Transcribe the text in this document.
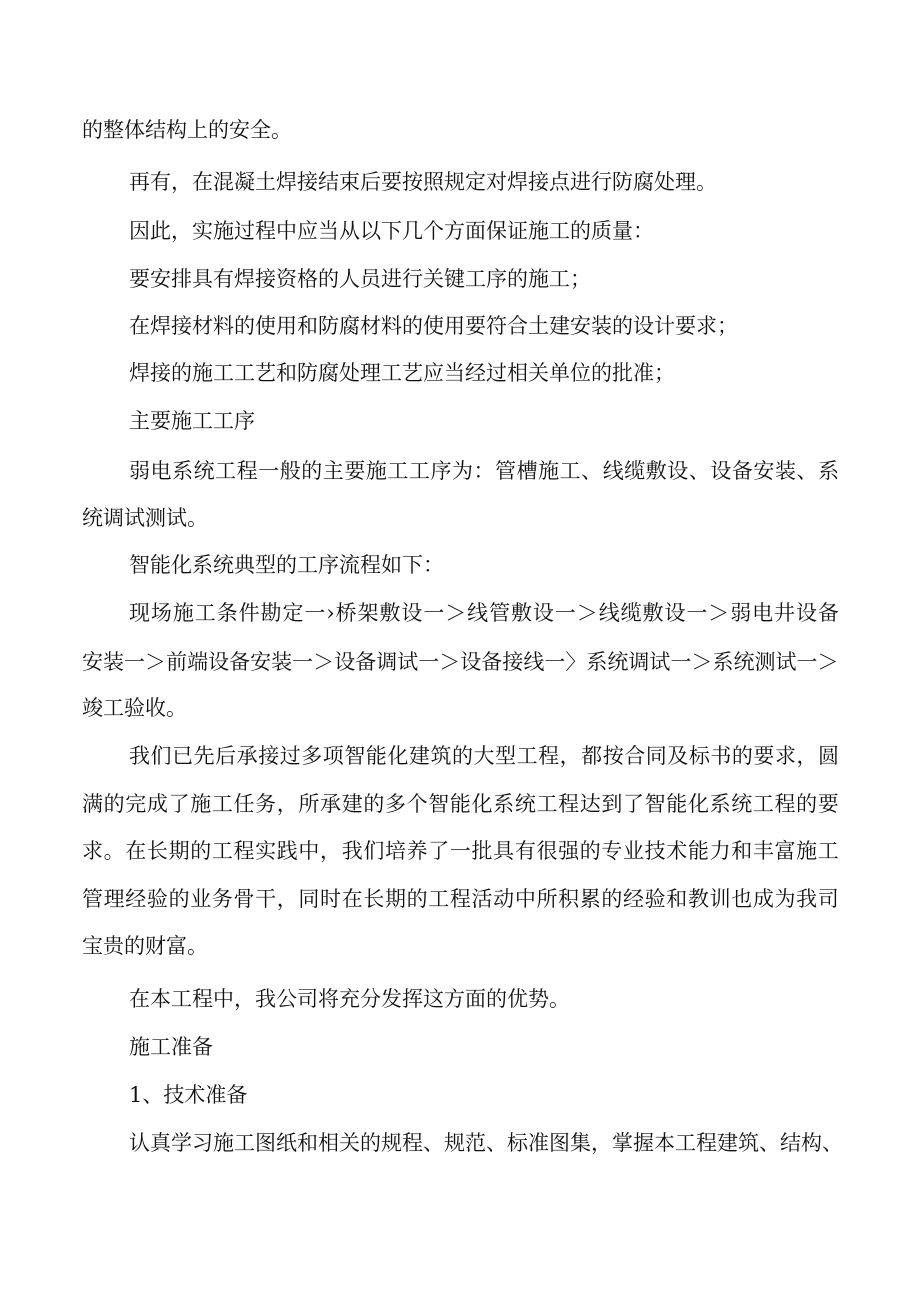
的整体结构上的安全。
再有，在混凝土焊接结束后要按照规定对焊接点进行防腐处理。
因此，实施过程中应当从以下几个方面保证施工的质量：
要安排具有焊接资格的人员进行关键工序的施工；
在焊接材料的使用和防腐材料的使用要符合土建安装的设计要求；
焊接的施工工艺和防腐处理工艺应当经过相关单位的批准；
主要施工工序
弱 电 系 统 工 程 一 般 的 主 要 施 工 工 序 为 ： 管 槽 施 工 、 线 缆 敷 设 、 设 备 安 装 、 系
统调试测试。
智能化系统典型的工序流程如下：
现 场 施 工 条 件 勘 定 一 › 桥 架 敷 设 一 ＞ 线 管 敷 设 一 ＞ 线 缆 敷 设 一 ＞ 弱 电 井 设 备
安 装 一 ＞ 前 端 设 备 安 装 一 ＞ 设 备 调 试 一 ＞ 设 备 接 线 一 〉 系 统 调 试 一 ＞ 系 统 测 试 一 ＞
竣工验收。
我 们 已 先 后 承 接 过 多 项 智 能 化 建 筑 的 大 型 工 程 ， 都 按 合 同 及 标 书 的 要 求 ， 圆
满 的 完 成 了 施 工 任 务 ， 所 承 建 的 多 个 智 能 化 系 统 工 程 达 到 了 智 能 化 系 统 工 程 的 要
求 。 在 长 期 的 工 程 实 践 中 ， 我 们 培 养 了 一 批 具 有 很 强 的 专 业 技 术 能 力 和 丰 富 施 工
管 理 经 验 的 业 务 骨 干 ， 同 时 在 长 期 的 工 程 活 动 中 所 积 累 的 经 验 和 教 训 也 成 为 我 司
宝贵的财富。
在本工程中，我公司将充分发挥这方面的优势。
施工准备
1、技术准备
认 真 学 习 施 工 图 纸 和 相 关 的 规 程 、 规 范 、 标 准 图 集 ， 掌 握 本 工 程 建 筑 、 结 构 、
